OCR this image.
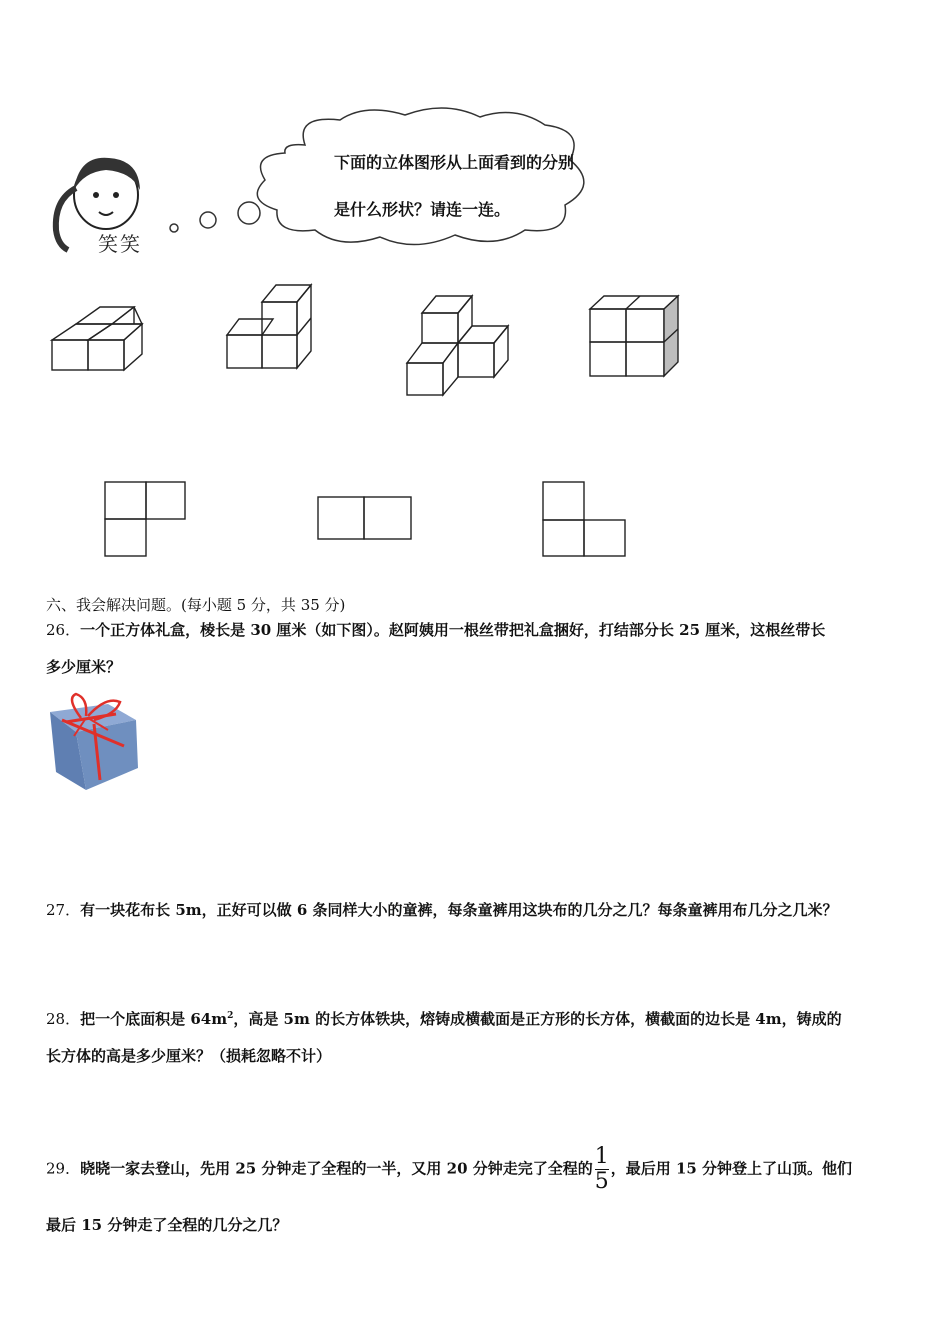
笑笑
下面的立体图形从上面看到的分别
是什么形状？请连一连。
六、我会解决问题。(每小题 5 分，共 35 分)
26．一个正方体礼盒，棱长是 30 厘米（如下图）。赵阿姨用一根丝带把礼盒捆好，打结部分长 25 厘米，这根丝带长
多少厘米？
27．有一块花布长 5m，正好可以做 6 条同样大小的童裤，每条童裤用这块布的几分之几？每条童裤用布几分之几米？
28．把一个底面积是 $64m^2$，高是 5m 的长方体铁块，熔铸成横截面是正方形的长方体，横截面的边长是 4m，铸成的
长方体的高是多少厘米？（损耗忽略不计）
29．晓晓一家去登山，先用 25 分钟走了全程的一半，又用 20 分钟走完了全程的 $\frac{1}{5}$ ，最后用 15 分钟登上了山顶。他们
最后 15 分钟走了全程的几分之几？
